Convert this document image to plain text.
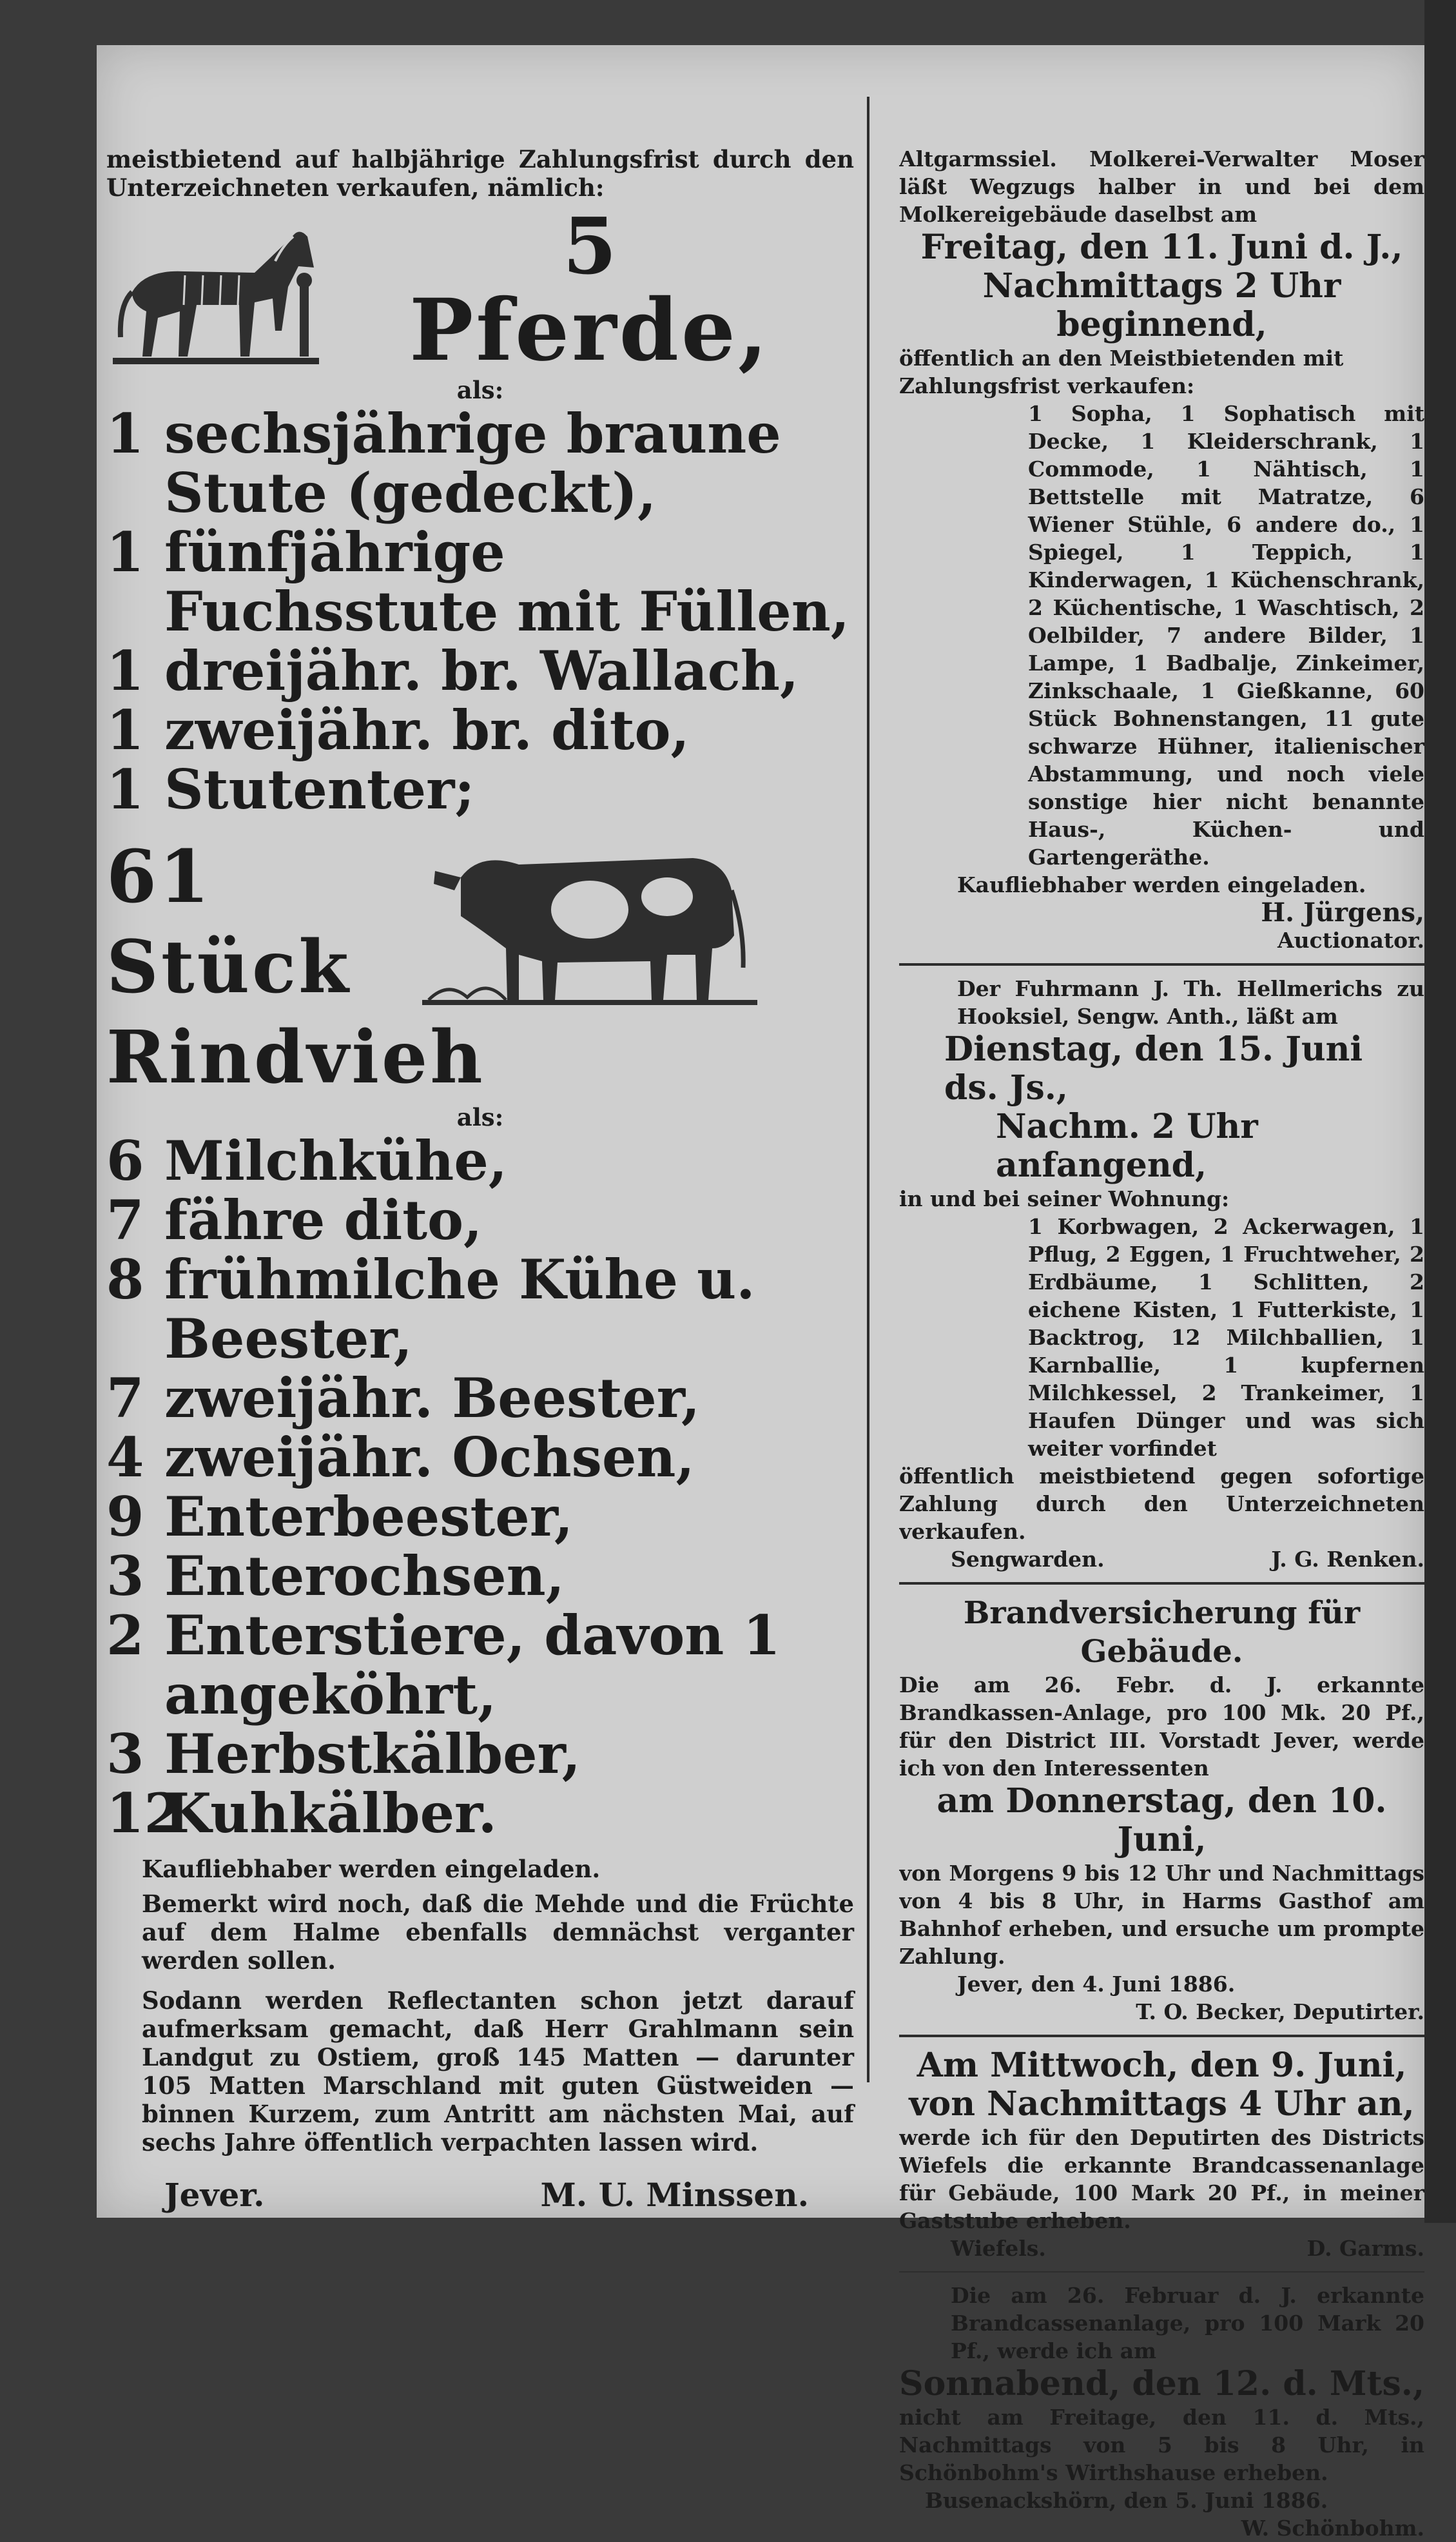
meistbietend auf halbjährige Zahlungsfrist durch den Unterzeichneten verkaufen, nämlich:
5
Pferde,
als:
1 sechsjährige braune Stute (gedeckt),
1 fünfjährige Fuchsstute mit Füllen,
1 dreijähr. br. Wallach,
1 zweijähr. br. dito,
1 Stutenter;
61 Stück
Rindvieh
als:
6 Milchkühe,
7 fähre dito,
8 frühmilche Kühe u. Beester,
7 zweijähr. Beester,
4 zweijähr. Ochsen,
9 Enterbeester,
3 Enterochsen,
2 Enterstiere, davon 1 angeköhrt,
3 Herbstkälber,
12
Kuhkälber.
Kaufliebhaber werden eingeladen.
Bemerkt wird noch, daß die Mehde und die Früchte auf dem Halme ebenfalls demnächst verganter werden sollen.
Sodann werden Reflectanten schon jetzt darauf aufmerksam gemacht, daß Herr Grahlmann sein Landgut zu Ostiem, groß 145 Matten — darunter 105 Matten Marschland mit guten Güstweiden — binnen Kurzem, zum Antritt am nächsten Mai, auf sechs Jahre öffentlich verpachten lassen wird.
Jever.	M. U. Minssen.
Altgarmssiel. Molkerei-Verwalter Moser läßt Wegzugs halber in und bei dem Molkereigebäude daselbst am
Freitag, den 11. Juni d. J.,
Nachmittags 2 Uhr beginnend,
öffentlich an den Meistbietenden mit Zahlungsfrist verkaufen:
1 Sopha, 1 Sophatisch mit Decke, 1 Kleiderschrank, 1 Commode, 1 Nähtisch, 1 Bettstelle mit Matratze, 6 Wiener Stühle, 6 andere do., 1 Spiegel, 1 Teppich, 1 Kinderwagen, 1 Küchenschrank, 2 Küchentische, 1 Waschtisch, 2 Oelbilder, 7 andere Bilder, 1 Lampe, 1 Badbalje, Zinkeimer, Zinkschaale, 1 Gießkanne, 60 Stück Bohnenstangen, 11 gute schwarze Hühner, italienischer Abstammung, und noch viele sonstige hier nicht benannte Haus-, Küchen- und Gartengeräthe.
Kaufliebhaber werden eingeladen.
H. Jürgens,
Auctionator.
Der Fuhrmann J. Th. Hellmerichs zu Hooksiel, Sengw. Anth., läßt am
Dienstag, den 15. Juni ds. Js.,
Nachm. 2 Uhr anfangend,
in und bei seiner Wohnung:
1 Korbwagen, 2 Ackerwagen, 1 Pflug, 2 Eggen, 1 Fruchtweher, 2 Erdbäume, 1 Schlitten, 2 eichene Kisten, 1 Futterkiste, 1 Backtrog, 12 Milchballien, 1 Karnballie, 1 kupfernen Milchkessel, 2 Trankeimer, 1 Haufen Dünger und was sich weiter vorfindet
öffentlich meistbietend gegen sofortige Zahlung durch den Unterzeichneten verkaufen.
Sengwarden.	J. G. Renken.
Brandversicherung für Gebäude.
Die am 26. Febr. d. J. erkannte Brandkassen-Anlage, pro 100 Mk. 20 Pf., für den District III. Vorstadt Jever, werde ich von den Interessenten
am Donnerstag, den 10. Juni,
von Morgens 9 bis 12 Uhr und Nachmittags von 4 bis 8 Uhr, in Harms Gasthof am Bahnhof erheben, und ersuche um prompte Zahlung.
Jever, den 4. Juni 1886.
T. O. Becker, Deputirter.
Am Mittwoch, den 9. Juni,
von Nachmittags 4 Uhr an,
werde ich für den Deputirten des Districts Wiefels die erkannte Brandcassenanlage für Gebäude, 100 Mark 20 Pf., in meiner Gaststube erheben.
Wiefels.	D. Garms.
Die am 26. Februar d. J. erkannte Brandcassenanlage, pro 100 Mark 20 Pf., werde ich am
Sonnabend, den 12. d. Mts.,
nicht am Freitage, den 11. d. Mts., Nachmittags von 5 bis 8 Uhr, in Schönbohm's Wirthshause erheben.
Busenackshörn, den 5. Juni 1886.
W. Schönbohm.
